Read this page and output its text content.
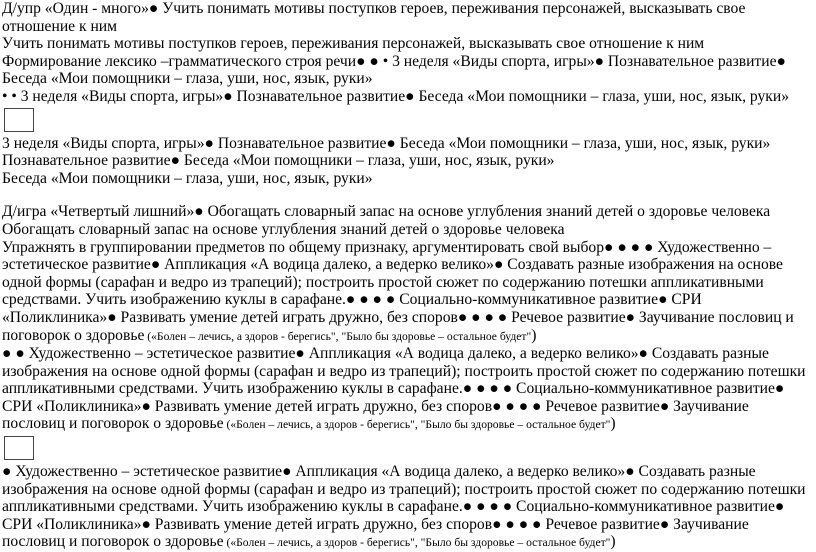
Д/упр «Один - много»● Учить понимать мотивы поступков героев, переживания персонажей, высказывать свое отношение к ним
Учить понимать мотивы поступков героев, переживания персонажей, высказывать свое отношение к ним
Формирование лексико –грамматического строя речи● ● • 3 неделя «Виды спорта, игры»● Познавательное развитие● Беседа «Мои помощники – глаза, уши, нос, язык, руки»
• • 3 неделя «Виды спорта, игры»● Познавательное развитие● Беседа «Мои помощники – глаза, уши, нос, язык, руки»
3 неделя «Виды спорта, игры»● Познавательное развитие● Беседа «Мои помощники – глаза, уши, нос, язык, руки»
Познавательное развитие● Беседа «Мои помощники – глаза, уши, нос, язык, руки»
Беседа «Мои помощники – глаза, уши, нос, язык, руки»
Д/игра «Четвертый лишний»● Обогащать словарный запас на основе углубления знаний детей о здоровье человека
Обогащать словарный запас на основе углубления знаний детей о здоровье человека
Упражнять в группировании предметов по общему признаку, аргументировать свой выбор● ● ● ● Художественно – эстетическое развитие● Аппликация «А водица далеко, а ведерко велико»● Создавать разные изображения на основе одной формы (сарафан и ведро из трапеций); построить простой сюжет по содержанию потешки аппликативными средствами. Учить изображению куклы в сарафане.● ● ● ● Социально-коммуникативное развитие● СРИ «Поликлиника»● Развивать умение детей играть дружно, без споров● ● ● ● Речевое развитие● Заучивание пословиц и поговорок о здоровье («Болен – лечись, а здоров - берегись", "Было бы здоровье – остальное будет")
● ● Художественно – эстетическое развитие● Аппликация «А водица далеко, а ведерко велико»● Создавать разные изображения на основе одной формы (сарафан и ведро из трапеций); построить простой сюжет по содержанию потешки аппликативными средствами. Учить изображению куклы в сарафане.● ● ● ● Социально-коммуникативное развитие● СРИ «Поликлиника»● Развивать умение детей играть дружно, без споров● ● ● ● Речевое развитие● Заучивание пословиц и поговорок о здоровье («Болен – лечись, а здоров - берегись", "Было бы здоровье – остальное будет")
● Художественно – эстетическое развитие● Аппликация «А водица далеко, а ведерко велико»● Создавать разные изображения на основе одной формы (сарафан и ведро из трапеций); построить простой сюжет по содержанию потешки аппликативными средствами. Учить изображению куклы в сарафане.● ● ● ● Социально-коммуникативное развитие● СРИ «Поликлиника»● Развивать умение детей играть дружно, без споров● ● ● ● Речевое развитие● Заучивание пословиц и поговорок о здоровье («Болен – лечись, а здоров - берегись", "Было бы здоровье – остальное будет")
